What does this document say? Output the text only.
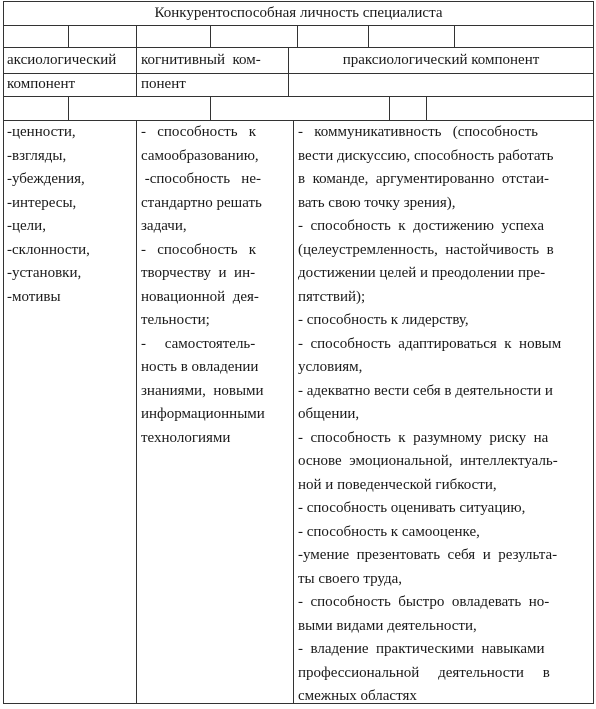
Конкурентоспособная личность специалиста
аксиологический
компонент
когнитивный  ком-
понент
праксиологический компонент
-ценности,
-взгляды,
-убеждения,
-интересы,
-цели,
-склонности,
-установки,
-мотивы
-   способность   к
самообразованию,
-способность   не-
стандартно решать
задачи,
-   способность   к
творчеству  и  ин-
новационной  дея-
тельности;
-     самостоятель-
ность в овладении
знаниями,  новыми
информационными
технологиями
-   коммуникативность   (способность
вести дискуссию, способность работать
в  команде,  аргументированно  отстаи-
вать свою точку зрения),
-  способность  к  достижению  успеха
(целеустремленность,  настойчивость  в
достижении целей и преодолении пре-
пятствий);
- способность к лидерству,
-  способность  адаптироваться  к  новым
условиям,
- адекватно вести себя в деятельности и
общении,
-  способность  к  разумному  риску  на
основе  эмоциональной,  интеллектуаль-
ной и поведенческой гибкости,
- способность оценивать ситуацию,
- способность к самооценке,
-умение  презентовать  себя  и  результа-
ты своего труда,
-  способность  быстро  овладевать  но-
выми видами деятельности,
-  владение  практическими  навыками
профессиональной     деятельности     в
смежных областях
